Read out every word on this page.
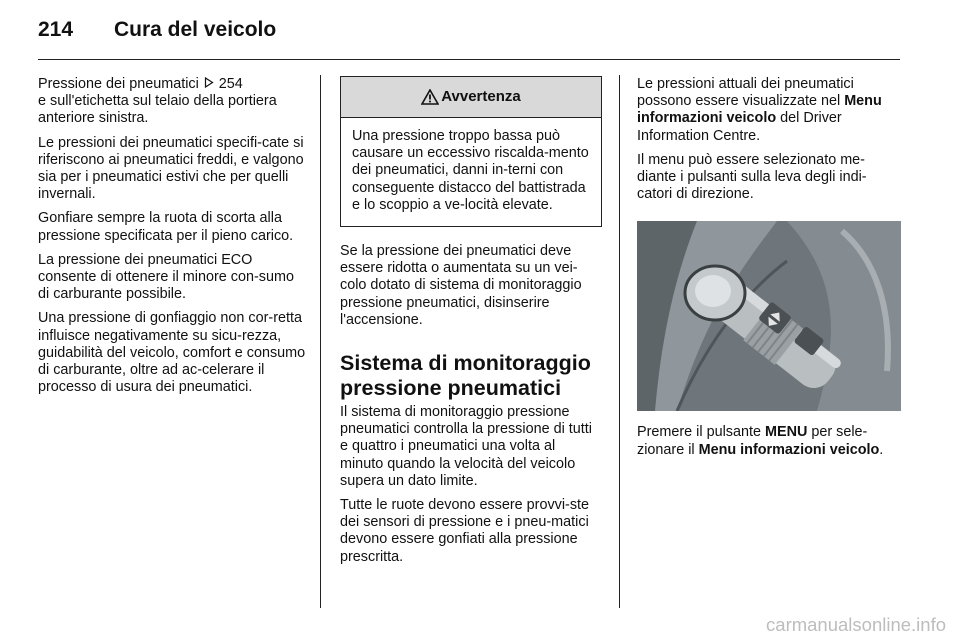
214 Cura del veicolo

Pressione dei pneumatici  254
e sull'etichetta sul telaio della portiera anteriore sinistra.

Le pressioni dei pneumatici specifi-cate si riferiscono ai pneumatici freddi, e valgono sia per i pneumatici estivi che per quelli invernali.

Gonfiare sempre la ruota di scorta alla pressione specificata per il pieno carico.

La pressione dei pneumatici ECO consente di ottenere il minore con-sumo di carburante possibile.

Una pressione di gonfiaggio non cor-retta influisce negativamente su sicu-rezza, guidabilità del veicolo, comfort e consumo di carburante, oltre ad ac-celerare il processo di usura dei pneumatici.

Avvertenza
Una pressione troppo bassa può causare un eccessivo riscalda-mento dei pneumatici, danni in-terni con conseguente distacco del battistrada e lo scoppio a ve-locità elevate.

Se la pressione dei pneumatici deve essere ridotta o aumentata su un vei-colo dotato di sistema di monitoraggio pressione pneumatici, disinserire l'accensione.

Sistema di monitoraggio pressione pneumatici

Il sistema di monitoraggio pressione pneumatici controlla la pressione di tutti e quattro i pneumatici una volta al minuto quando la velocità del veicolo supera un dato limite.

Tutte le ruote devono essere provvi-ste dei sensori di pressione e i pneu-matici devono essere gonfiati alla pressione prescritta.

Le pressioni attuali dei pneumatici possono essere visualizzate nel Menu informazioni veicolo del Driver Information Centre.

Il menu può essere selezionato me-diante i pulsanti sulla leva degli indi-catori di direzione.

Premere il pulsante MENU per sele-zionare il Menu informazioni veicolo.

carmanualsonline.info
